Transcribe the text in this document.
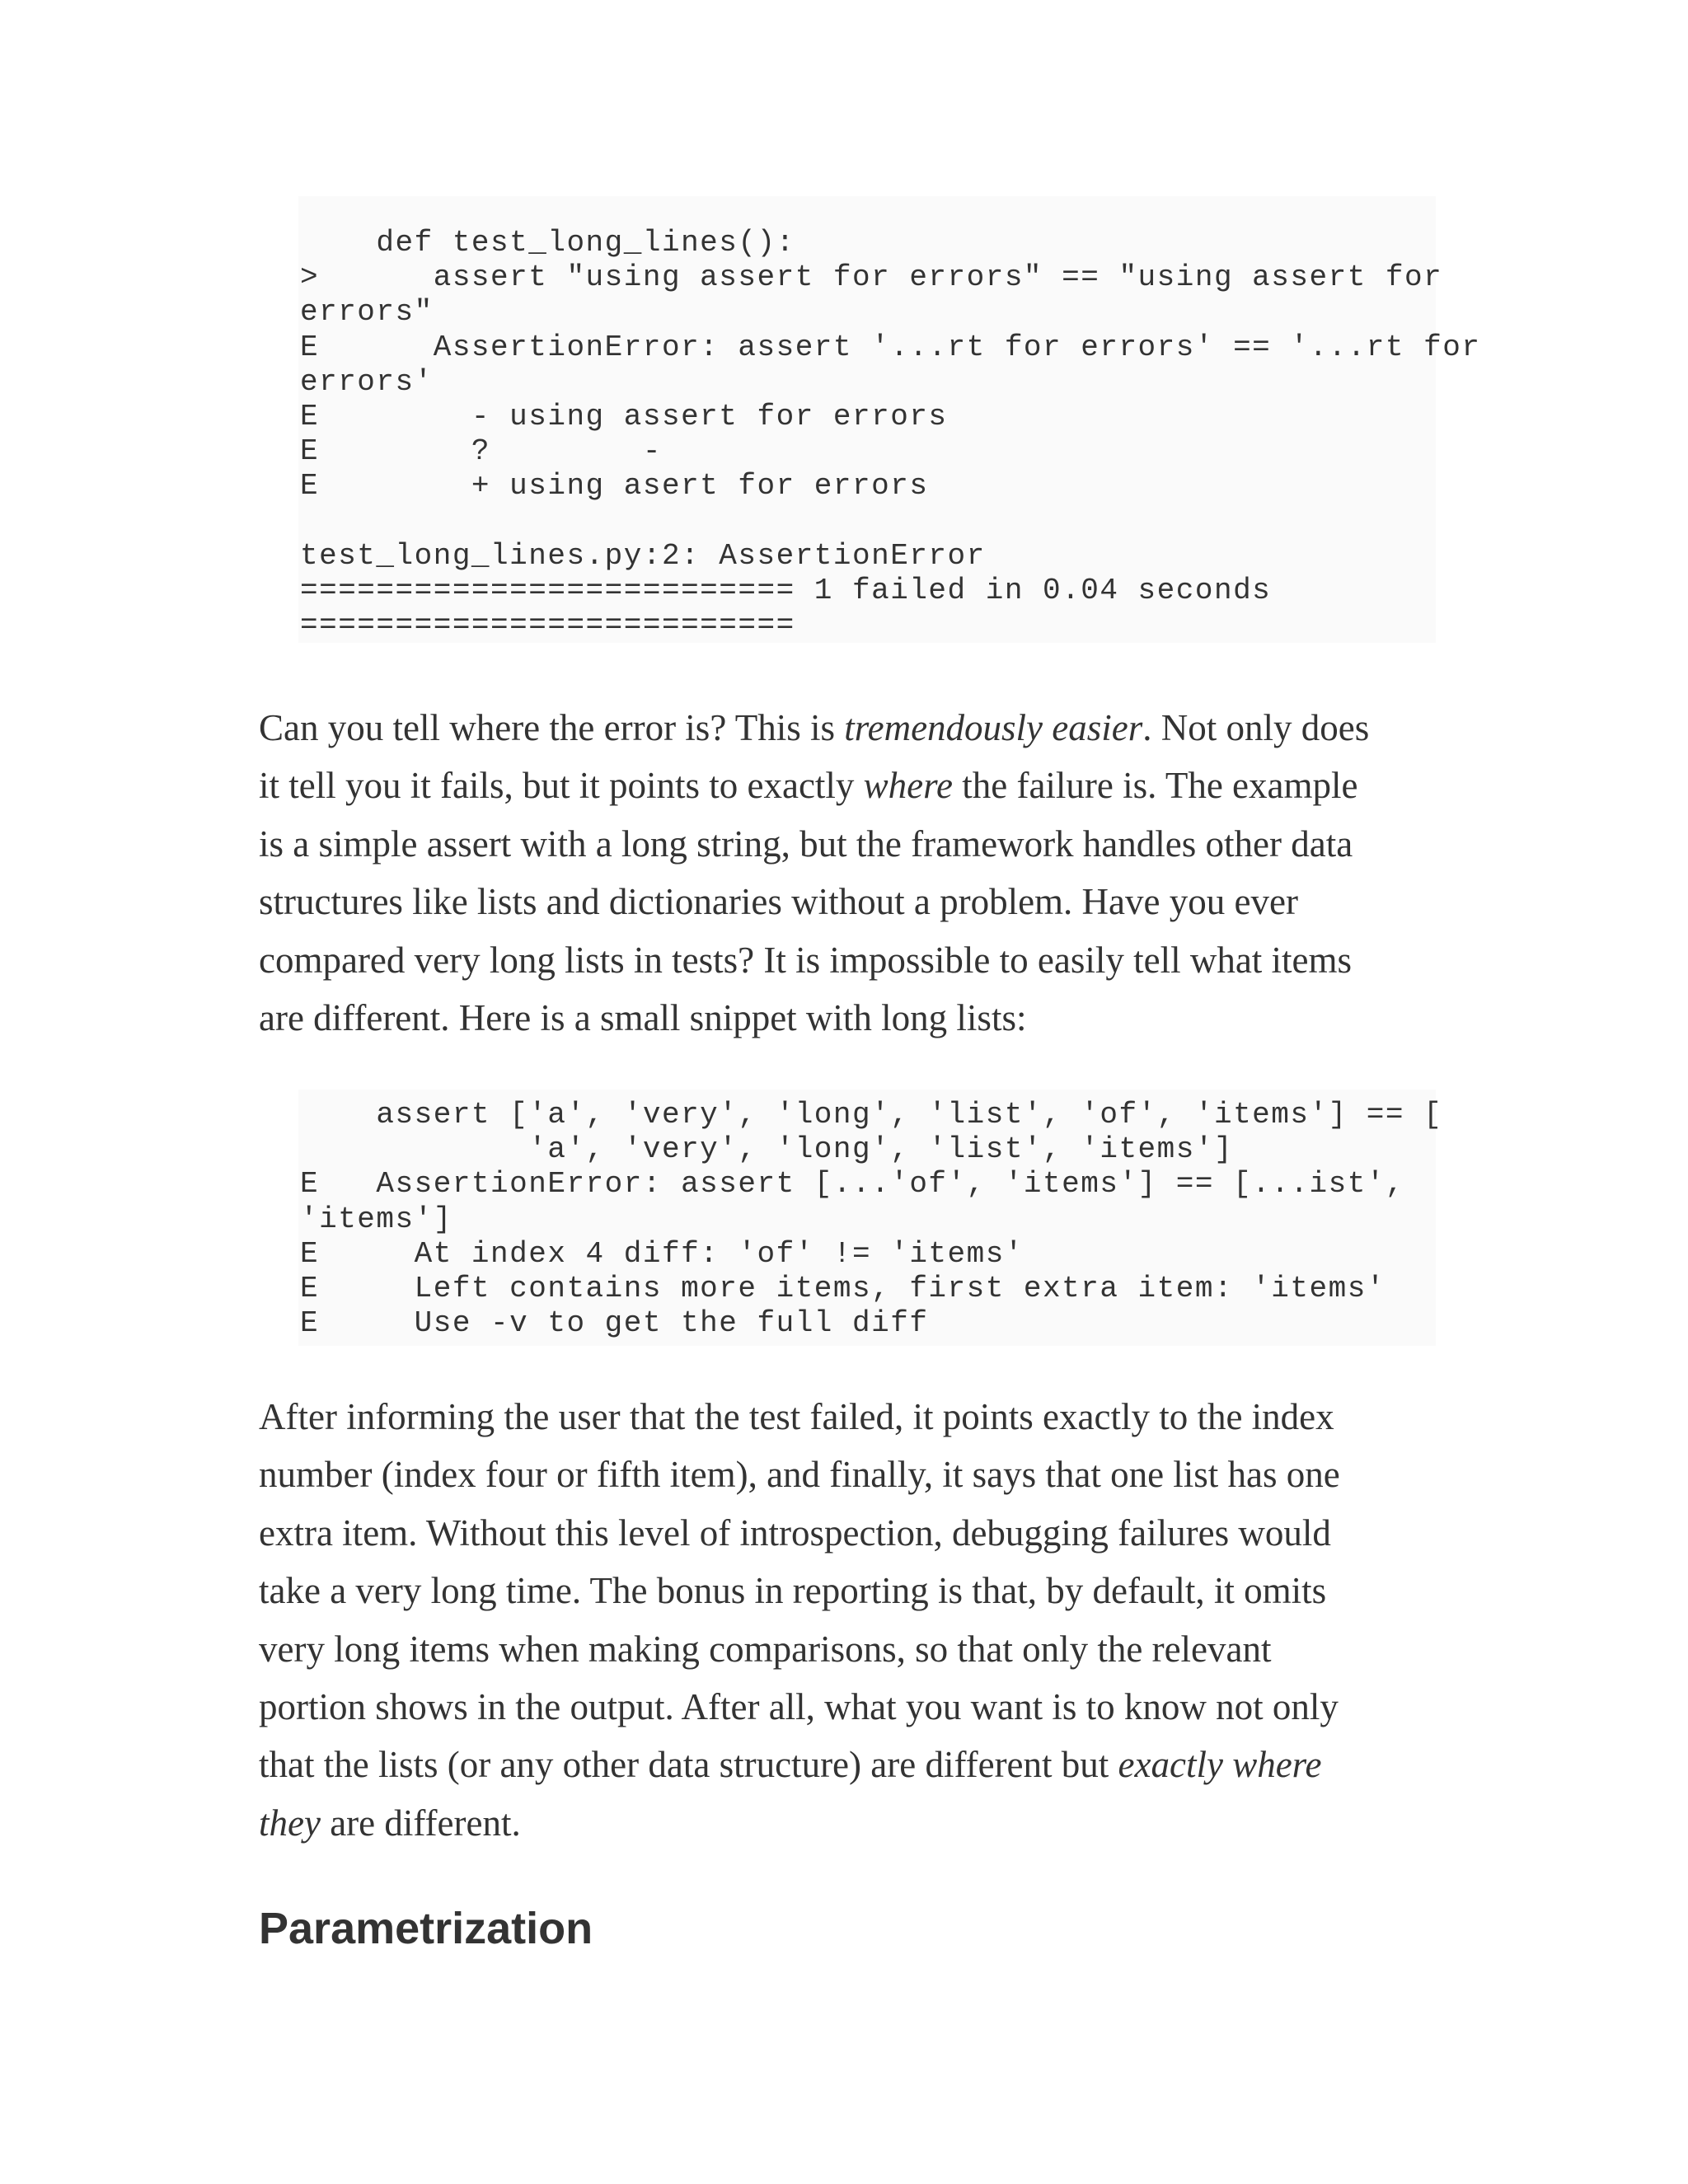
def test_long_lines():
>      assert "using assert for errors" == "using assert for
errors"
E      AssertionError: assert '...rt for errors' == '...rt for
errors'
E        - using assert for errors
E        ?        -
E        + using asert for errors
test_long_lines.py:2: AssertionError
========================== 1 failed in 0.04 seconds
==========================
Can you tell where the error is? This is tremendously easier. Not only does
it tell you it fails, but it points to exactly where the failure is. The example
is a simple assert with a long string, but the framework handles other data
structures like lists and dictionaries without a problem. Have you ever
compared very long lists in tests? It is impossible to easily tell what items
are different. Here is a small snippet with long lists:
assert ['a', 'very', 'long', 'list', 'of', 'items'] == [
'a', 'very', 'long', 'list', 'items']
E   AssertionError: assert [...'of', 'items'] == [...ist',
'items']
E     At index 4 diff: 'of' != 'items'
E     Left contains more items, first extra item: 'items'
E     Use -v to get the full diff
After informing the user that the test failed, it points exactly to the index
number (index four or fifth item), and finally, it says that one list has one
extra item. Without this level of introspection, debugging failures would
take a very long time. The bonus in reporting is that, by default, it omits
very long items when making comparisons, so that only the relevant
portion shows in the output. After all, what you want is to know not only
that the lists (or any other data structure) are different but exactly where
they are different.
Parametrization
